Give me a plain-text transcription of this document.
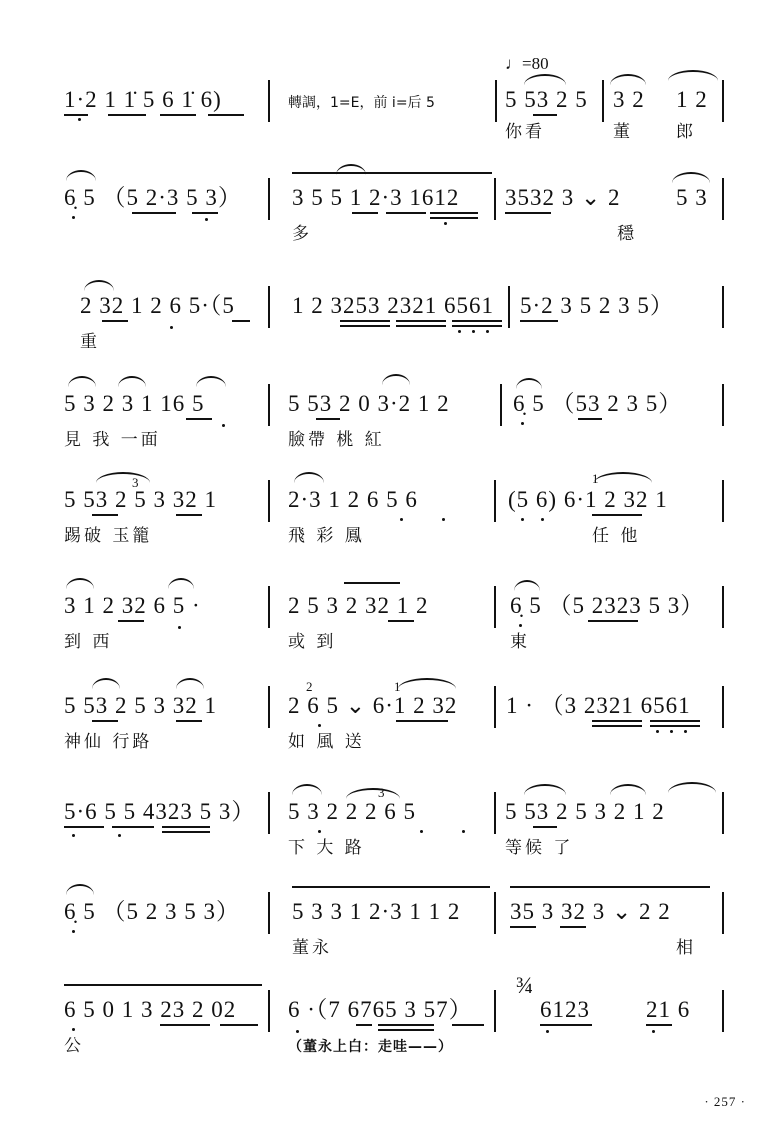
♩=80
1·2 1 1̇ 5 6 1̇ 6)	轉調，1=E，前 i̇=后 5	5 53 2 5
你看
3 2
董
1 2
郎
6̣ 5 （5 2·3 5 3） 3 5 5 1 2·3 1612
多
3532 3 ⌄ 2
穩
5 3
2 32 1 2 6 5·（5
重
1 2 3253 2321 6561 5·2 3 5 2 3 5）
5 3 2 3 1 16 5
見 我 一面
5 53 2 0 3·2 1 2
臉帶 桃 紅
6̣ 5 （53 2 3 5）
3
5 53 2 5 3 32 1
踢破 玉籠
2·3 1 2 6 5 6
飛 彩 鳳
1
(5 6) 6·1 2 32 1
任 他
3 1 2 32 6 5 ·
到 西
2 5 3 2 32 1 2
或 到
6̣ 5 （5 2323 5 3）
東
5 53 2 5 3 32 1
神仙 行路
2	1
2 6 5 ⌄ 6·1 2 32
如 風 送
1 · （3 2321 6561
5·6 5 5 4323 5 3）
3
5 3 2 2 2 6 5
下 大 路
5 53 2 5 3 2 1 2
等候 了
6̣ 5 （5 2 3 5 3） 5 3 3 1 2·3 1 1 2
董永
35 3 32 3 ⌄ 2 2
相
¾
6 5 0 1 3 23 2 02
公
6 ·（7 6765 3 57）
（董永上白：走哇——）
6123 21 6
· 257 ·
